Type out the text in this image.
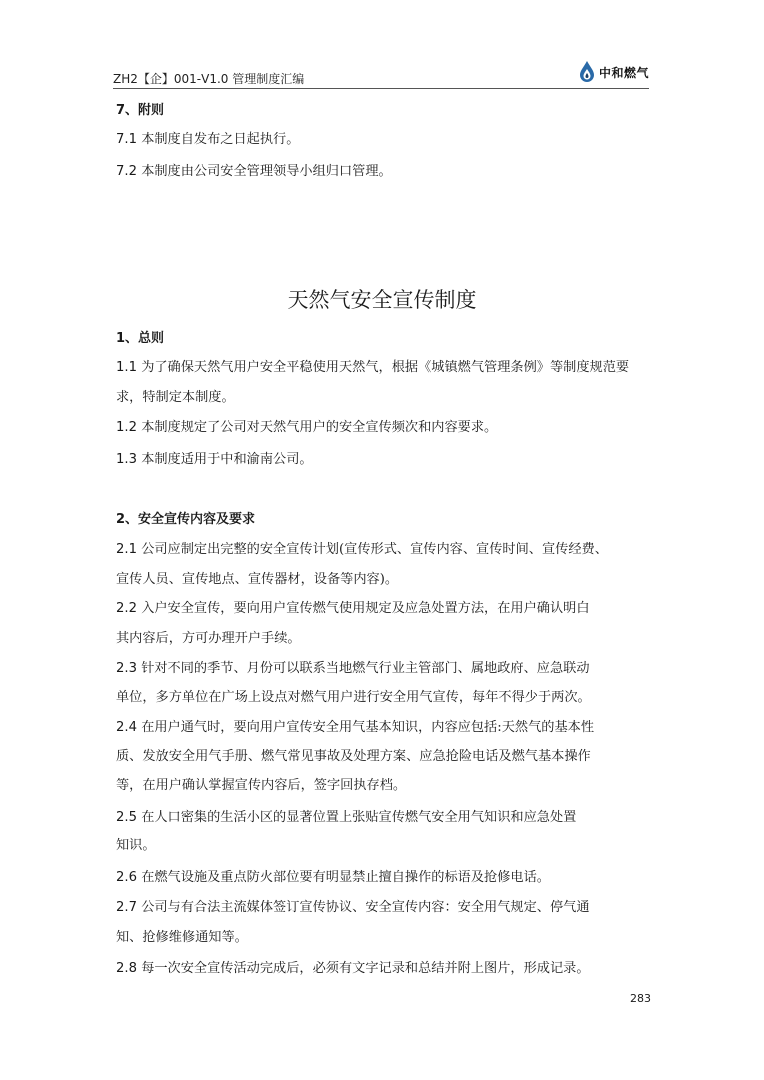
ZH2【企】001-V1.0 管理制度汇编	中和燃气
7、附则
7.1 本制度自发布之日起执行。
7.2 本制度由公司安全管理领导小组归口管理。
天然气安全宣传制度
1、总则
1.1 为了确保天然气用户安全平稳使用天然气，根据《城镇燃气管理条例》等制度规范要
求，特制定本制度。
1.2 本制度规定了公司对天然气用户的安全宣传频次和内容要求。
1.3 本制度适用于中和渝南公司。
2、安全宣传内容及要求
2.1 公司应制定出完整的安全宣传计划(宣传形式、宣传内容、宣传时间、宣传经费、
宣传人员、宣传地点、宣传器材，设备等内容)。
2.2 入户安全宣传，要向用户宣传燃气使用规定及应急处置方法，在用户确认明白
其内容后，方可办理开户手续。
2.3 针对不同的季节、月份可以联系当地燃气行业主管部门、属地政府、应急联动
单位，多方单位在广场上设点对燃气用户进行安全用气宣传，每年不得少于两次。
2.4 在用户通气时，要向用户宣传安全用气基本知识，内容应包括:天然气的基本性
质、发放安全用气手册、燃气常见事故及处理方案、应急抢险电话及燃气基本操作
等，在用户确认掌握宣传内容后，签字回执存档。
2.5 在人口密集的生活小区的显著位置上张贴宣传燃气安全用气知识和应急处置
知识。
2.6 在燃气设施及重点防火部位要有明显禁止擅自操作的标语及抢修电话。
2.7 公司与有合法主流媒体签订宣传协议、安全宣传内容：安全用气规定、停气通
知、抢修维修通知等。
2.8 每一次安全宣传活动完成后，必须有文字记录和总结并附上图片，形成记录。
283
